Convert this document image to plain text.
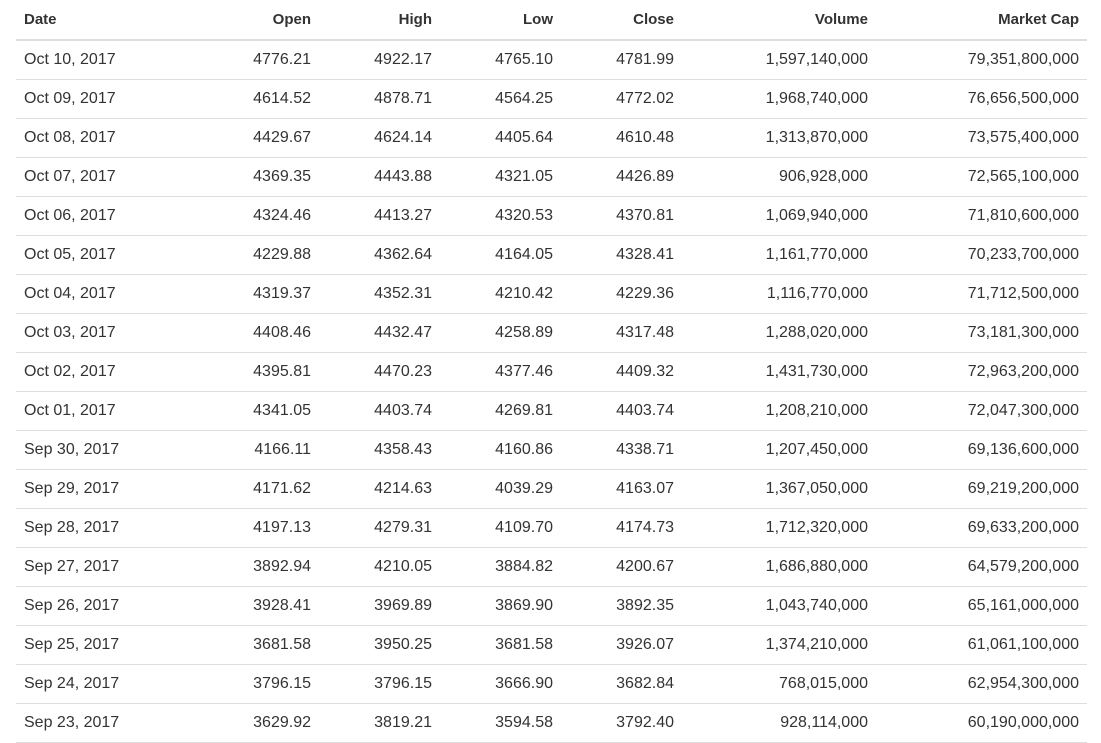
Date	Open	High	Low	Close	Volume	Market Cap
Oct 10, 2017	4776.21	4922.17	4765.10	4781.99	1,597,140,000	79,351,800,000
Oct 09, 2017	4614.52	4878.71	4564.25	4772.02	1,968,740,000	76,656,500,000
Oct 08, 2017	4429.67	4624.14	4405.64	4610.48	1,313,870,000	73,575,400,000
Oct 07, 2017	4369.35	4443.88	4321.05	4426.89	906,928,000	72,565,100,000
Oct 06, 2017	4324.46	4413.27	4320.53	4370.81	1,069,940,000	71,810,600,000
Oct 05, 2017	4229.88	4362.64	4164.05	4328.41	1,161,770,000	70,233,700,000
Oct 04, 2017	4319.37	4352.31	4210.42	4229.36	1,116,770,000	71,712,500,000
Oct 03, 2017	4408.46	4432.47	4258.89	4317.48	1,288,020,000	73,181,300,000
Oct 02, 2017	4395.81	4470.23	4377.46	4409.32	1,431,730,000	72,963,200,000
Oct 01, 2017	4341.05	4403.74	4269.81	4403.74	1,208,210,000	72,047,300,000
Sep 30, 2017	4166.11	4358.43	4160.86	4338.71	1,207,450,000	69,136,600,000
Sep 29, 2017	4171.62	4214.63	4039.29	4163.07	1,367,050,000	69,219,200,000
Sep 28, 2017	4197.13	4279.31	4109.70	4174.73	1,712,320,000	69,633,200,000
Sep 27, 2017	3892.94	4210.05	3884.82	4200.67	1,686,880,000	64,579,200,000
Sep 26, 2017	3928.41	3969.89	3869.90	3892.35	1,043,740,000	65,161,000,000
Sep 25, 2017	3681.58	3950.25	3681.58	3926.07	1,374,210,000	61,061,100,000
Sep 24, 2017	3796.15	3796.15	3666.90	3682.84	768,015,000	62,954,300,000
Sep 23, 2017	3629.92	3819.21	3594.58	3792.40	928,114,000	60,190,000,000
